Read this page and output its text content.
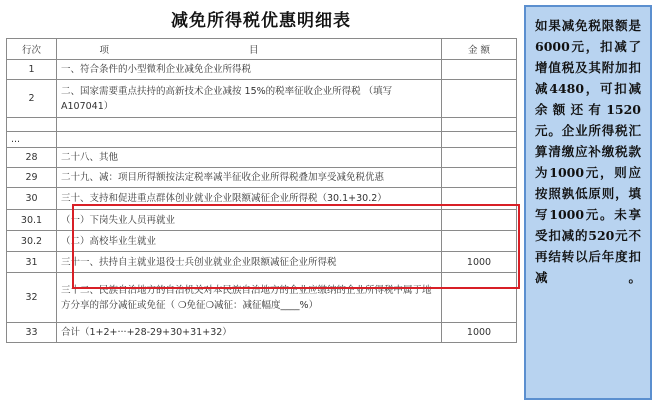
减免所得税优惠明细表
行次	项目	金 额
1	一、符合条件的小型微利企业减免企业所得税	
2	二、国家需要重点扶持的高新技术企业减按 15%的税率征收企业所得税 （填写A107041）	

...		
28	二十八、其他	
29	二十九、减：项目所得额按法定税率减半征收企业所得税叠加享受减免税优惠	
30	三十、支持和促进重点群体创业就业企业限额减征企业所得税（30.1+30.2）	
30.1	（一）下岗失业人员再就业	
30.2	（二）高校毕业生就业	
31	三十一、扶持自主就业退役士兵创业就业企业限额减征企业所得税	1000
32	三十二、民族自治地方的自治机关对本民族自治地方的企业应缴纳的企业所得税中属于地方分享的部分减征或免征（ ❍免征❍减征：减征幅度____%）	
33	合计（1+2+···+28-29+30+31+32）	1000
如果减免税限额是6000元，扣减了增值税及其附加扣减4480，可扣减余额还有1520元。企业所得税汇算清缴应补缴税款为1000元，则应按照孰低原则，填写1000元。未享受扣减的520元不再结转以后年度扣减。
